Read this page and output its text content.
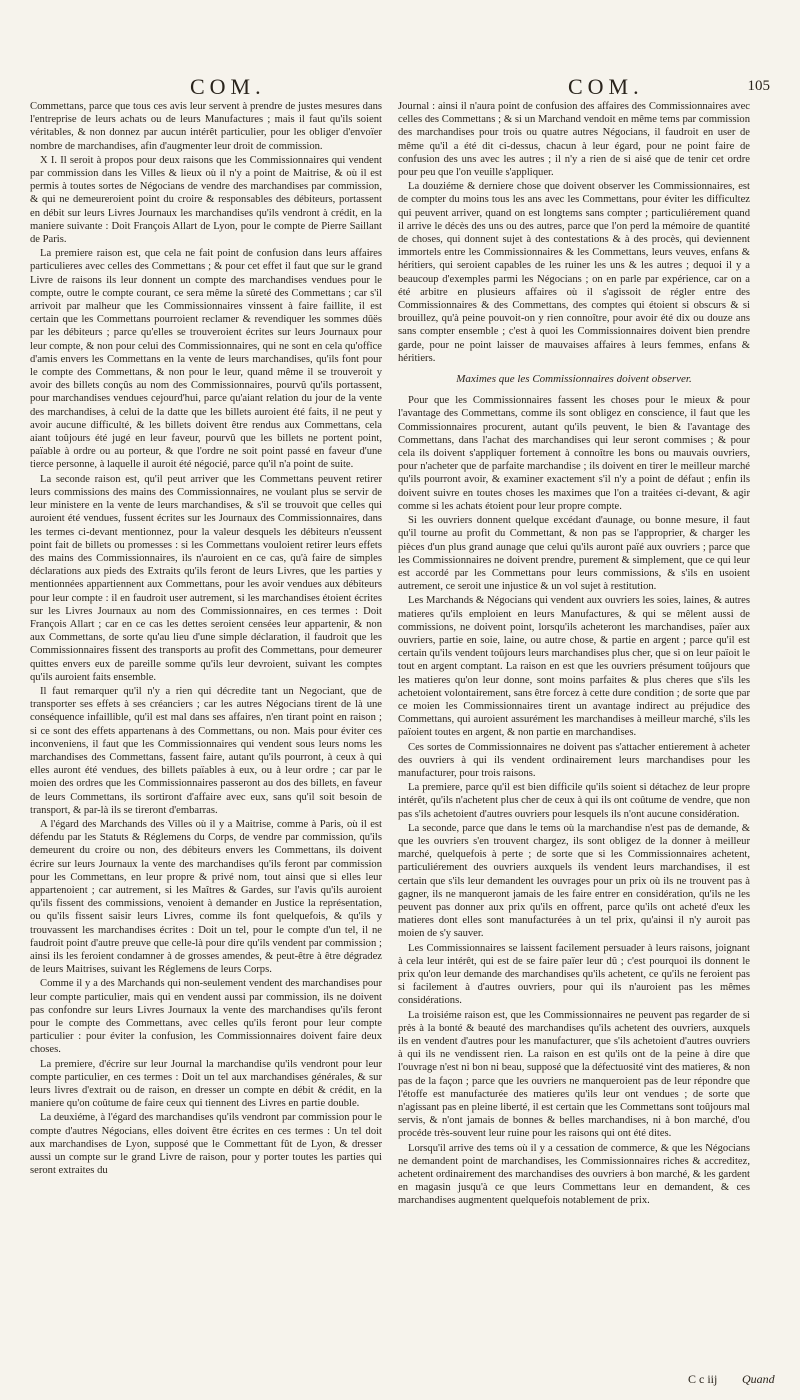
COM.	COM.	105

Commettans, parce que tous ces avis leur servent à prendre de justes mesures dans l'entreprise de leurs achats ou de leurs Manufactures ; mais il faut qu'ils soient véritables, & non donnez par aucun intérêt particulier, pour les obliger d'envoïer nombre de marchandises, afin d'augmenter leur droit de commission.

X I. Il seroit à propos pour deux raisons que les Commissionnaires qui vendent par commission dans les Villes & lieux où il n'y a point de Maitrise, & où il est permis à toutes sortes de Négocians de vendre des marchandises par commission, & qui ne demeureroient point du croire & responsables des débiteurs, portassent en débit sur leurs Livres Journaux les marchandises qu'ils vendront à crédit, en la maniere suivante : Doit François Allart de Lyon, pour le compte de Pierre Saillant de Paris.

La premiere raison est, que cela ne fait point de confusion dans leurs affaires particulieres avec celles des Commettans ; & pour cet effet il faut que sur le grand Livre de raisons ils leur donnent un compte des marchandises vendues pour le compte, outre le compte courant, ce sera même la sûreté des Commettans ; car s'il arrivoit par malheur que les Commissionnaires vinssent à faire faillite, il est certain que les Commettans pourroient reclamer & revendiquer les sommes dûës par les débiteurs ; parce qu'elles se trouveroient écrites sur leurs Journaux pour leur compte, & non pour celui des Commissionnaires, qui ne sont en cela qu'office d'amis envers les Commettans en la vente de leurs marchandises, qu'ils font pour le compte des Commettans, & non pour le leur, quand même il se trouveroit y avoir des billets conçûs au nom des Commissionnaires, pourvû qu'ils portassent, pour marchandises vendues cejourd'hui, parce qu'aiant relation du jour de la vente des marchandises, à celui de la datte que les billets auroient été faits, il ne peut y avoir aucune difficulté, & les billets doivent être rendus aux Commettans, cela aiant toûjours été jugé en leur faveur, pourvû que les billets ne portent point, païable à ordre ou au porteur, & que l'ordre ne soit point passé en faveur d'une tierce personne, à laquelle il auroit été négocié, parce qu'il n'a point de suite.

La seconde raison est, qu'il peut arriver que les Commettans peuvent retirer leurs commissions des mains des Commissionnaires, ne voulant plus se servir de leur ministere en la vente de leurs marchandises, & s'il se trouvoit que celles qui auroient été vendues, fussent écrites sur les Journaux des Commissionnaires, dans les termes ci-devant mentionnez, pour la valeur desquels les débiteurs n'eussent point fait de billets ou promesses : si les Commettans vouloient retirer leurs effets des mains des Commissionnaires, ils n'auroient en ce cas, qu'à faire de simples déclarations aux pieds des Extraits qu'ils feront de leurs Livres, que les parties y mentionnées appartiennent aux Commettans, pour les avoir vendues aux débiteurs pour leur compte : il en faudroit user autrement, si les marchandises étoient écrites sur les Livres Journaux au nom des Commissionnaires, en ces termes : Doit François Allart ; car en ce cas les dettes seroient censées leur appartenir, & non aux Commettans, de sorte qu'au lieu d'une simple déclaration, il faudroit que les Commissionnaires fissent des transports au profit des Commettans, pour demeurer quittes envers eux de pareille somme qu'ils leur devroient, suivant les comptes qu'ils auroient faits ensemble.

Il faut remarquer qu'il n'y a rien qui décredite tant un Negociant, que de transporter ses effets à ses créanciers ; car les autres Négocians tirent de là une conséquence infaillible, qu'il est mal dans ses affaires, n'en tirant point en raison ; si ce sont des effets appartenans à des Commettans, ou non. Mais pour éviter ces inconveniens, il faut que les Commissionnaires qui vendent sous leurs noms les marchandises des Commettans, fassent faire, autant qu'ils pourront, à ceux à qui elles auront été vendues, des billets païables à eux, ou à leur ordre ; car par le moien des ordres que les Commissionnaires passeront au dos des billets, en faveur de leurs Commettans, ils sortiront d'affaire avec eux, sans qu'il soit besoin de transport, & par-là ils se tireront d'embarras.

A l'égard des Marchands des Villes où il y a Maitrise, comme à Paris, où il est défendu par les Statuts & Réglemens du Corps, de vendre par commission, qu'ils demeurent du croire ou non, des débiteurs envers les Commettans, ils doivent écrire sur leurs Journaux la vente des marchandises qu'ils feront par commission pour les Commettans, en leur propre & privé nom, tout ainsi que si elles leur appartenoient ; car autrement, si les Maîtres & Gardes, sur l'avis qu'ils auroient qu'ils fissent des commissions, venoient à demander en Justice la représentation, ou qu'ils fissent saisir leurs Livres, comme ils font quelquefois, & qu'ils y trouvassent les marchandises écrites : Doit un tel, pour le compte d'un tel, il ne faudroit point d'autre preuve que celle-là pour dire qu'ils vendent par commission ; ainsi ils les feroient condamner à de grosses amendes, & peut-être à être dégradez de leurs Maitrises, suivant les Réglemens de leurs Corps.

Comme il y a des Marchands qui non-seulement vendent des marchandises pour leur compte particulier, mais qui en vendent aussi par commission, ils ne doivent pas confondre sur leurs Livres Journaux la vente des marchandises qu'ils feront pour le compte des Commettans, avec celles qu'ils feront pour leur compte particulier : pour éviter la confusion, les Commissionnaires doivent faire deux choses.

La premiere, d'écrire sur leur Journal la marchandise qu'ils vendront pour leur compte particulier, en ces termes : Doit un tel aux marchandises générales, & sur leurs livres d'extrait ou de raison, en dresser un compte en débit & crédit, en la maniere qu'on coûtume de faire ceux qui tiennent des Livres en partie double.

La deuxiéme, à l'égard des marchandises qu'ils vendront par commission pour le compte d'autres Négocians, elles doivent être écrites en ces termes : Un tel doit aux marchandises de Lyon, supposé que le Commettant fût de Lyon, & dresser aussi un compte sur le grand Livre de raison, pour y porter toutes les parties qui seront extraites du

Journal : ainsi il n'aura point de confusion des affaires des Commissionnaires avec celles des Commettans ; & si un Marchand vendoit en même tems par commission des marchandises pour trois ou quatre autres Négocians, il faudroit en user de même qu'il a été dit ci-dessus, chacun à leur égard, pour ne point faire de confusion des uns avec les autres ; il n'y a rien de si aisé que de tenir cet ordre pour peu que l'on veuille s'appliquer.

La douziéme & derniere chose que doivent observer les Commissionnaires, est de compter du moins tous les ans avec les Commettans, pour éviter les difficultez qui peuvent arriver, quand on est longtems sans compter ; particuliérement quand il arrive le décès des uns ou des autres, parce que l'on perd la mémoire de quantité de choses, qui donnent sujet à des contestations & à des procès, qui deviennent immortels entre les Commissionnaires & les Commettans, leurs veuves, enfans & héritiers, qui seroient capables de les ruiner les uns & les autres ; dequoi il y a beaucoup d'exemples parmi les Négocians ; on en parle par expérience, car on a été arbitre en plusieurs affaires où il s'agissoit de régler entre des Commissionnaires & des Commettans, des comptes qui étoient si obscurs & si brouillez, qu'à peine pouvoit-on y rien connoître, pour avoir été dix ou douze ans sans compter ensemble ; c'est à quoi les Commissionnaires doivent bien prendre garde, pour ne point laisser de mauvaises affaires à leurs femmes, enfans & héritiers.

Maximes que les Commissionnaires doivent observer.

Pour que les Commissionnaires fassent les choses pour le mieux & pour l'avantage des Commettans, comme ils sont obligez en conscience, il faut que les Commissionnaires procurent, autant qu'ils peuvent, le bien & l'avantage des Commettans, dans l'achat des marchandises qui leur seront commises ; & pour cela ils doivent s'appliquer fortement à connoître les bons ou mauvais ouvriers, pour n'acheter que de parfaite marchandise ; ils doivent en tirer le meilleur marché qu'ils pourront avoir, & examiner exactement s'il n'y a point de défaut ; enfin ils doivent suivre en toutes choses les maximes que l'on a traitées ci-devant, & agir comme si les achats étoient pour leur propre compte.

Si les ouvriers donnent quelque excédant d'aunage, ou bonne mesure, il faut qu'il tourne au profit du Commettant, & non pas se l'approprier, & charger les pièces d'un plus grand aunage que celui qu'ils auront païé aux ouvriers ; parce que les Commissionnaires ne doivent prendre, purement & simplement, que ce qui leur est accordé par les Commettans pour leurs commissions, & s'ils en usoient autrement, ce seroit une injustice & un vol sujet à restitution.

Les Marchands & Négocians qui vendent aux ouvriers les soies, laines, & autres matieres qu'ils emploient en leurs Manufactures, & qui se mêlent aussi de commissions, ne doivent point, lorsqu'ils acheteront les marchandises, païer aux ouvriers, partie en soie, laine, ou autre chose, & partie en argent ; parce qu'il est certain qu'ils vendent toûjours leurs marchandises plus cher, que si on leur païoit le tout en argent comptant. La raison en est que les ouvriers présument toûjours que les matieres qu'on leur donne, sont moins parfaites & plus cheres que s'ils les achetoient volontairement, sans être forcez à cette dure condition ; de sorte que par ce moien les Commissionnaires tirent un avantage indirect au préjudice des Commettans, qui auroient assurément les marchandises à meilleur marché, s'ils les païoient toutes en argent, & non partie en marchandises.

Ces sortes de Commissionnaires ne doivent pas s'attacher entierement à acheter des ouvriers à qui ils vendent ordinairement leurs marchandises pour les manufacturer, pour trois raisons.

La premiere, parce qu'il est bien difficile qu'ils soient si détachez de leur propre intérêt, qu'ils n'achetent plus cher de ceux à qui ils ont coûtume de vendre, que non pas s'ils achetoient d'autres ouvriers pour lesquels ils n'ont aucune considération.

La seconde, parce que dans le tems où la marchandise n'est pas de demande, & que les ouvriers s'en trouvent chargez, ils sont obligez de la donner à meilleur marché, quelquefois à perte ; de sorte que si les Commissionnaires achetent, particuliérement des ouvriers auxquels ils vendent leurs marchandises, il est certain que s'ils leur demandent les ouvrages pour un prix où ils ne trouvent pas à gagner, ils ne manqueront jamais de les faire entrer en considération, qu'ils ne les peuvent pas donner aux prix qu'ils en offrent, parce qu'ils ont acheté d'eux les matieres dont elles sont manufacturées à un tel prix, qu'ainsi il n'y auroit pas moien de s'y sauver.

Les Commissionnaires se laissent facilement persuader à leurs raisons, joignant à cela leur intérêt, qui est de se faire païer leur dû ; c'est pourquoi ils donnent le prix qu'on leur demande des marchandises qu'ils achetent, ce qu'ils ne feroient pas si facilement à d'autres ouvriers, pour qui ils n'auroient pas les mêmes considérations.

La troisiéme raison est, que les Commissionnaires ne peuvent pas regarder de si près à la bonté & beauté des marchandises qu'ils achetent des ouvriers, auxquels ils en vendent d'autres pour les manufacturer, que s'ils achetoient d'autres ouvriers à qui ils ne vendissent rien. La raison en est qu'ils ont de la peine à dire que l'ouvrage n'est ni bon ni beau, supposé que la défectuosité vint des matieres, & non pas de la façon ; parce que les ouvriers ne manqueroient pas de leur répondre que l'étoffe est manufacturée des matieres qu'ils leur ont vendues ; de sorte que n'agissant pas en pleine liberté, il est certain que les Commettans sont toûjours mal servis, & n'ont jamais de bonnes & belles marchandises, ni à bon marché, d'ou procéde très-souvent leur ruine pour les raisons qui ont été dites.

Lorsqu'il arrive des tems où il y a cessation de commerce, & que les Négocians ne demandent point de marchandises, les Commissionnaires riches & accreditez, achetent ordinairement des marchandises des ouvriers à bon marché, & les gardent en magasin jusqu'à ce que leurs Commettans leur en demandent, & ces marchandises augmentent quelquefois notablement de prix.

C c iij Quand
